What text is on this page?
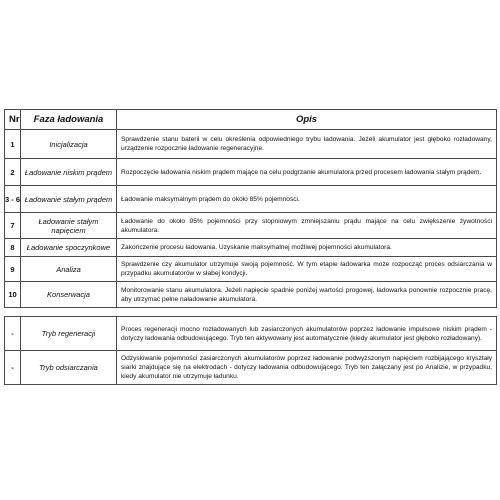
Nr	Faza ładowania	Opis
1	Inicjalizacja	Sprawdzenie stanu baterii w celu określenia odpowiedniego trybu ładowania. Jeżeli akumulator jest głęboko rozładowany, urządzenie rozpocznie ładowanie regeneracyjne.
2	Ładowanie niskim prądem	Rozpoczęcie ładowania niskim prądem mające na celu podgrzanie akumulatora przed procesem ładowania stałym prądem.
3 - 6	Ładowanie stałym prądem	Ładowanie maksymalnym prądem do około 85% pojemności.
7	Ładowanie stałym napięciem	Ładowanie do około 95% pojemności przy stopniowym zmniejszaniu prądu mające na celu zwiększenie żywotności akumulatora.
8	Ładowanie spoczynkowe	Zakończenie procesu ładowania. Uzyskanie maksymalnej możliwej pojemności akumulatora.
9	Analiza	Sprawdzenie czy akumulator utrzymuje swoją pojemność. W tym etapie ładowarka może rozpocząć proces odsiarczania w przypadku akumulatorów w słabej kondycji.
10	Konserwacja	Monitorowanie stanu akumulatora. Jeżeli napięcie spadnie poniżej wartości progowej, ładowarka ponownie rozpocznie pracę, aby utrzymać pełne naładowanie akumulatora.
-	Tryb regeneracji	Proces regeneracji mocno rozładowanych lub zasiarczonych akumulatorów poprzez ładowanie impulsowe niskim prądem - dotyczy ładowania odbudowującego. Tryb ten aktywowany jest automatycznie (kiedy akumulator jest głęboko rozładowany).
-	Tryb odsiarczania	Odzyskiwanie pojemności zasiarczonych akumulatorów poprzez ładowanie podwyższonym napięciem rozbijającego kryształy siarki znajdujące się na elektrodach - dotyczy ładowania odbudowującego. Tryb ten załączany jest po Analizie, w przypadku, kiedy akumulator nie utrzymuje ładunku.
